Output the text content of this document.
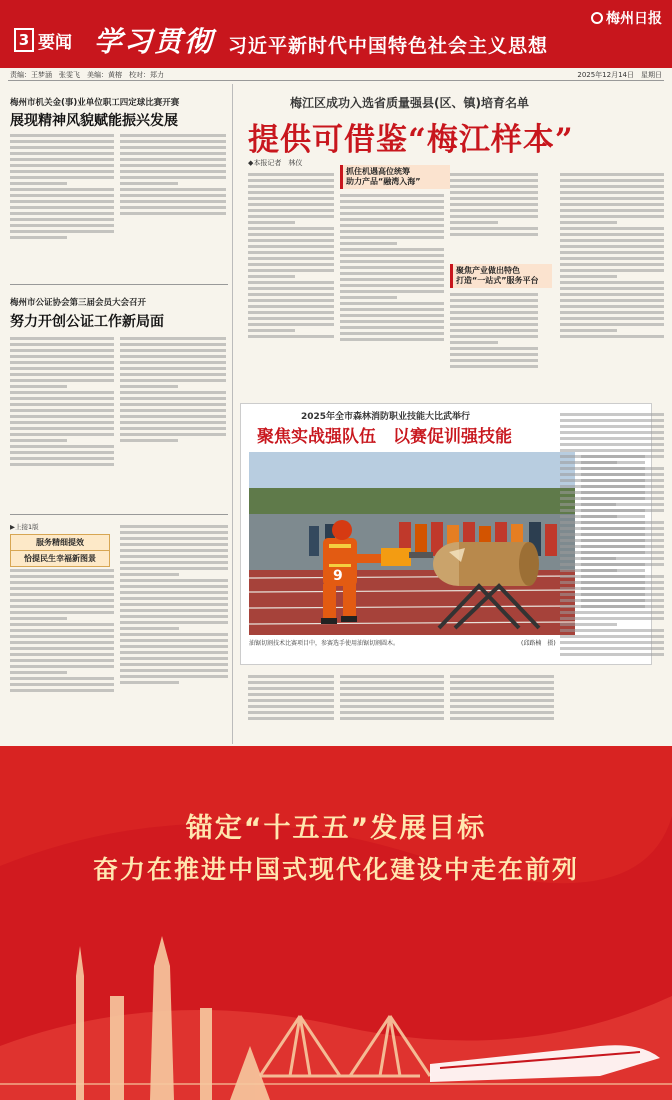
3 要闻 学习贯彻 习近平新时代中国特色社会主义思想
梅州日报
责编：王梦涵　张雯飞　美编：黄榕　校对：郑力	2025年12月14日　星期日
梅州市机关金(事)业单位职工四定球比赛开赛
展现精神风貌赋能振兴发展
梅州市公证协会第三届会员大会召开
努力开创公证工作新局面
▶上接1版
服务精细提效
恰提民生幸福新图景
梅江区成功入选省质量强县(区、镇)培育名单
提供可借鉴“梅江样本”
◆本报记者　林仪
抓住机遇高位统筹
助力产品“融湾入海”
聚焦产业做出特色
打造“一站式”服务平台
2025年全市森林消防职业技能大比武举行
聚焦实战强队伍　以赛促训强技能
9
油锯切割技术比赛项目中，参赛选手使用油锯切割圆木。	(邱路楠　摄)
锚定“十五五”发展目标
奋力在推进中国式现代化建设中走在前列
